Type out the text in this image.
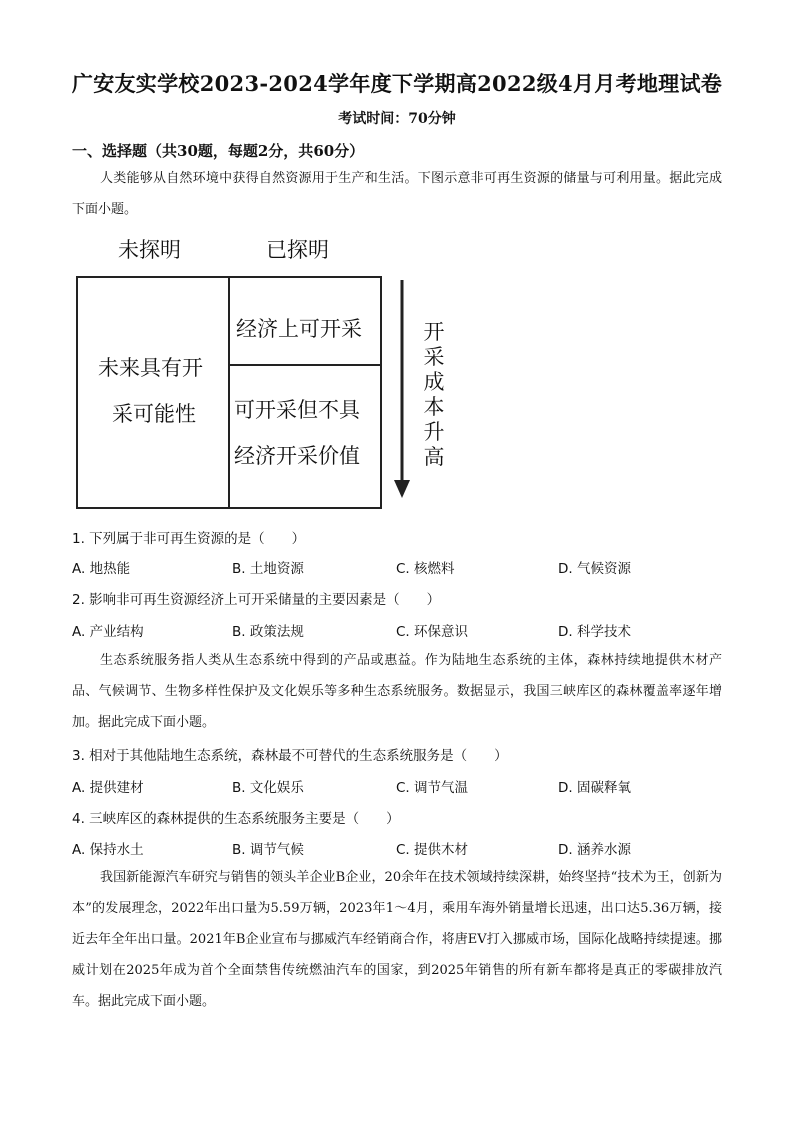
广安友实学校2023-2024学年度下学期高2022级4月月考地理试卷
考试时间：70分钟
一、选择题（共30题，每题2分，共60分）
人类能够从自然环境中获得自然资源用于生产和生活。下图示意非可再生资源的储量与可利用量。据此完成下面小题。
未探明	已探明
未来具有开
采可能性
经济上可开采
可开采但不具
经济开采价值
开
采
成
本
升
高
1. 下列属于非可再生资源的是（　　）
A. 地热能	B. 土地资源	C. 核燃料	D. 气候资源
2. 影响非可再生资源经济上可开采储量的主要因素是（　　）
A. 产业结构	B. 政策法规	C. 环保意识	D. 科学技术
生态系统服务指人类从生态系统中得到的产品或惠益。作为陆地生态系统的主体，森林持续地提供木材产品、气候调节、生物多样性保护及文化娱乐等多种生态系统服务。数据显示，我国三峡库区的森林覆盖率逐年增加。据此完成下面小题。
3. 相对于其他陆地生态系统，森林最不可替代的生态系统服务是（　　）
A. 提供建材	B. 文化娱乐	C. 调节气温	D. 固碳释氧
4. 三峡库区的森林提供的生态系统服务主要是（　　）
A. 保持水土	B. 调节气候	C. 提供木材	D. 涵养水源
我国新能源汽车研究与销售的领头羊企业B企业，20余年在技术领域持续深耕，始终坚持“技术为王，创新为本”的发展理念，2022年出口量为5.59万辆，2023年1～4月，乘用车海外销量增长迅速，出口达5.36万辆，接近去年全年出口量。2021年B企业宣布与挪威汽车经销商合作，将唐EV打入挪威市场，国际化战略持续提速。挪威计划在2025年成为首个全面禁售传统燃油汽车的国家，到2025年销售的所有新车都将是真正的零碳排放汽车。据此完成下面小题。
